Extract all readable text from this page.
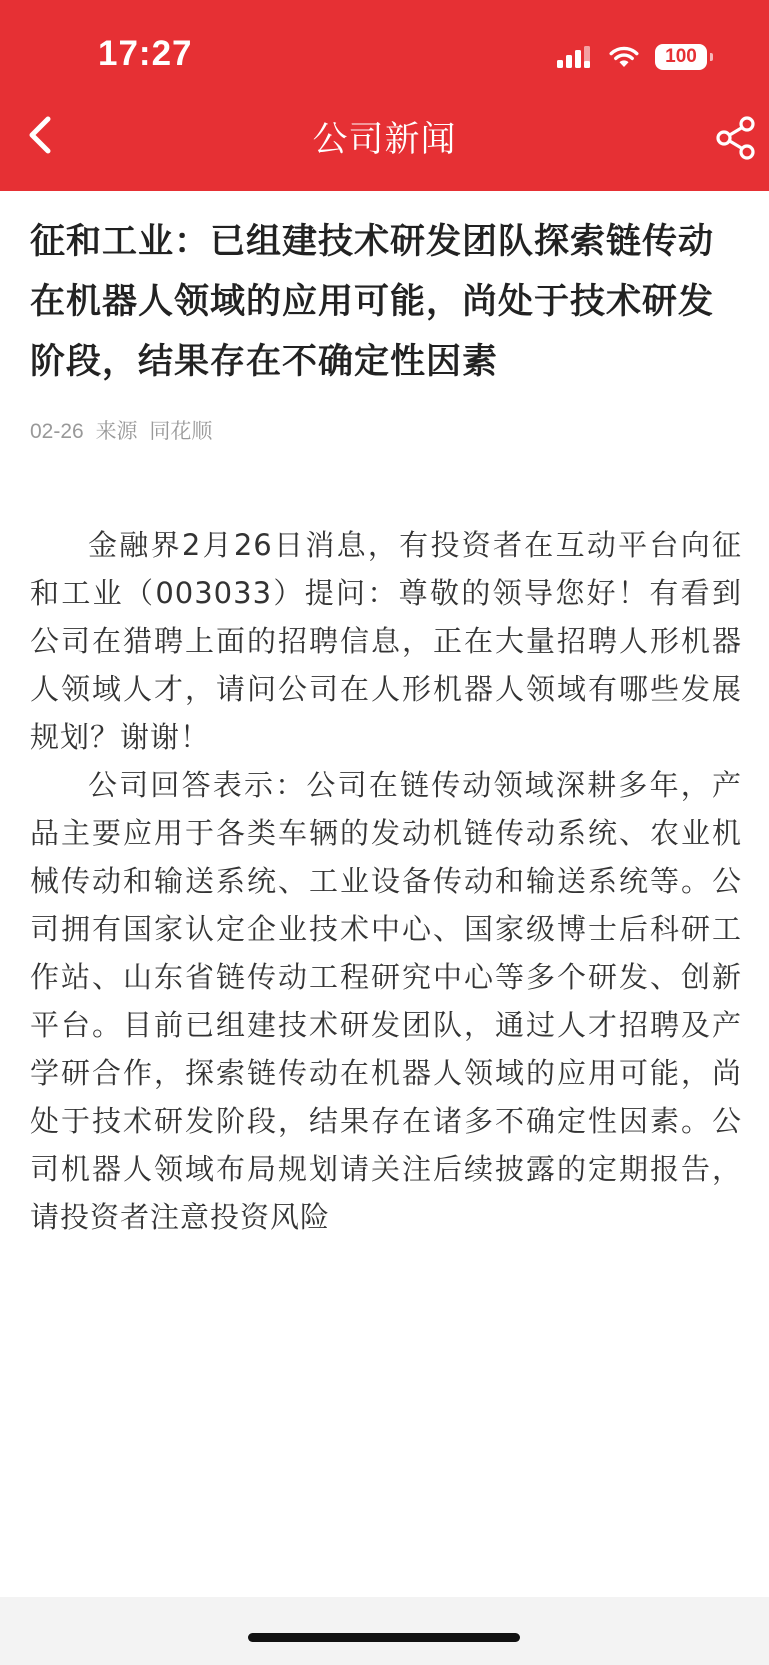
17:27	100
公司新闻
征和工业：已组建技术研发团队探索链传动在机器人领域的应用可能，尚处于技术研发阶段，结果存在不确定性因素
02-26 来源 同花顺

金融界2月26日消息，有投资者在互动平台向征和工业（003033）提问：尊敬的领导您好！有看到公司在猎聘上面的招聘信息，正在大量招聘人形机器人领域人才，请问公司在人形机器人领域有哪些发展规划？谢谢！

公司回答表示：公司在链传动领域深耕多年，产品主要应用于各类车辆的发动机链传动系统、农业机械传动和输送系统、工业设备传动和输送系统等。公司拥有国家认定企业技术中心、国家级博士后科研工作站、山东省链传动工程研究中心等多个研发、创新平台。目前已组建技术研发团队，通过人才招聘及产学研合作，探索链传动在机器人领域的应用可能，尚处于技术研发阶段，结果存在诸多不确定性因素。公司机器人领域布局规划请关注后续披露的定期报告，请投资者注意投资风险
